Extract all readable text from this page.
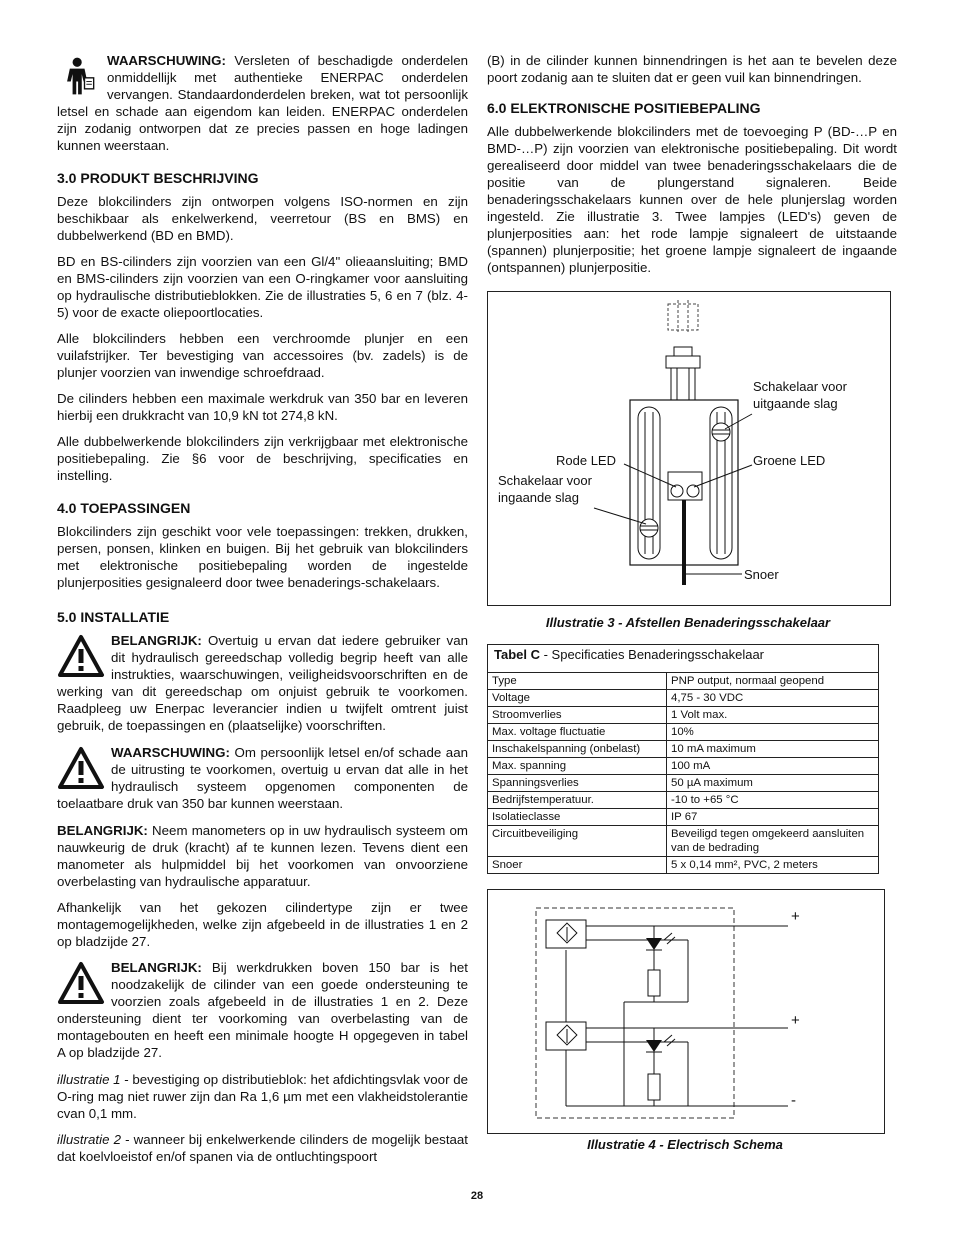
WAARSCHUWING: Versleten of beschadigde onderdelen onmiddellijk met authentieke ENERPAC onderdelen vervangen. Standaardonderdelen breken, wat tot persoonlijk letsel en schade aan eigendom kan leiden. ENERPAC onderdelen zijn zodanig ontworpen dat ze precies passen en hoge ladingen kunnen weerstaan.

3.0 PRODUKT BESCHRIJVING

Deze blokcilinders zijn ontworpen volgens ISO-normen en zijn beschikbaar als enkelwerkend, veerretour (BS en BMS) en dubbelwerkend (BD en BMD).

BD en BS-cilinders zijn voorzien van een Gl/4" olieaansluiting; BMD en BMS-cilinders zijn voorzien van een O-ringkamer voor aansluiting op hydraulische distributieblokken. Zie de illustraties 5, 6 en 7 (blz. 4-5) voor de exacte oliepoortlocaties.

Alle blokcilinders hebben een verchroomde plunjer en een vuilafstrijker. Ter bevestiging van accessoires (bv. zadels) is de plunjer voorzien van inwendige schroefdraad.

De cilinders hebben een maximale werkdruk van 350 bar en leveren hierbij een drukkracht van 10,9 kN tot 274,8 kN.

Alle dubbelwerkende blokcilinders zijn verkrijgbaar met elektronische positiebepaling. Zie §6 voor de beschrijving, specificaties en instelling.

4.0 TOEPASSINGEN

Blokcilinders zijn geschikt voor vele toepassingen: trekken, drukken, persen, ponsen, klinken en buigen. Bij het gebruik van blokcilinders met elektronische positiebepaling worden de ingestelde plunjerposities gesignaleerd door twee benaderings-schakelaars.

5.0 INSTALLATIE

BELANGRIJK: Overtuig u ervan dat iedere gebruiker van dit hydraulisch gereedschap volledig begrip heeft van alle instrukties, waarschuwingen, veiligheidsvoorschriften en de werking van dit gereedschap om onjuist gebruik te voorkomen. Raadpleeg uw Enerpac leverancier indien u twijfelt omtrent juist gebruik, de toepassingen en (plaatselijke) voorschriften.

WAARSCHUWING: Om persoonlijk letsel en/of schade aan de uitrusting te voorkomen, overtuig u ervan dat alle in het hydraulisch systeem opgenomen componenten de toelaatbare druk van 350 bar kunnen weerstaan.

BELANGRIJK: Neem manometers op in uw hydraulisch systeem om nauwkeurig de druk (kracht) af te kunnen lezen. Tevens dient een manometer als hulpmiddel bij het voorkomen van onvoorziene overbelasting van hydraulische apparatuur.

Afhankelijk van het gekozen cilindertype zijn er twee montagemogelijkheden, welke zijn afgebeeld in de illustraties 1 en 2 op bladzijde 27.

BELANGRIJK: Bij werkdrukken boven 150 bar is het noodzakelijk de cilinder van een goede ondersteuning te voorzien zoals afgebeeld in de illustraties 1 en 2. Deze ondersteuning dient ter voorkoming van overbelasting van de montagebouten en heeft een minimale hoogte H opgegeven in tabel A op bladzijde 27.

illustratie 1 - bevestiging op distributieblok: het afdichtingsvlak voor de O-ring mag niet ruwer zijn dan Ra 1,6 µm met een vlakheidstolerantie cvan 0,1 mm.

illustratie 2 - wanneer bij enkelwerkende cilinders de mogelijk bestaat dat koelvloeistof en/of spanen via de ontluchtingspoort

(B) in de cilinder kunnen binnendringen is het aan te bevelen deze poort zodanig aan te sluiten dat er geen vuil kan binnendringen.

6.0 ELEKTRONISCHE POSITIEBEPALING

Alle dubbelwerkende blokcilinders met de toevoeging P (BD-…P en BMD-…P) zijn voorzien van elektronische positiebepaling. Dit wordt gerealiseerd door middel van twee benaderingsschakelaars die de positie van de plungerstand signaleren. Beide benaderingsschakelaars kunnen over de hele plunjerslag worden ingesteld. Zie illustratie 3. Twee lampjes (LED's) geven de plunjerposities aan: het rode lampje signaleert de uitstaande (spannen) plunjerpositie; het groene lampje signaleert de ingaande (ontspannen) plunjerpositie.

Schakelaar voor
uitgaande slag
Rode LED	Groene LED
Schakelaar voor
ingaande slag
Snoer
Illustratie 3 - Afstellen Benaderingsschakelaar
Tabel C - Specificaties Benaderingsschakelaar	
Type	PNP output, normaal geopend
Voltage	4,75 - 30 VDC
Stroomverlies	1 Volt max.
Max. voltage fluctuatie	10%
Inschakelspanning (onbelast)	10 mA maximum
Max. spanning	100 mA
Spanningsverlies	50 µA maximum
Bedrijfstemperatuur.	-10 to +65 °C
Isolatieclasse	IP 67
Circuitbeveiliging	Beveiligd tegen omgekeerd aansluiten van de bedrading
Snoer	5 x 0,14 mm², PVC, 2 meters
+
+
-
Illustratie 4 - Electrisch Schema
28
